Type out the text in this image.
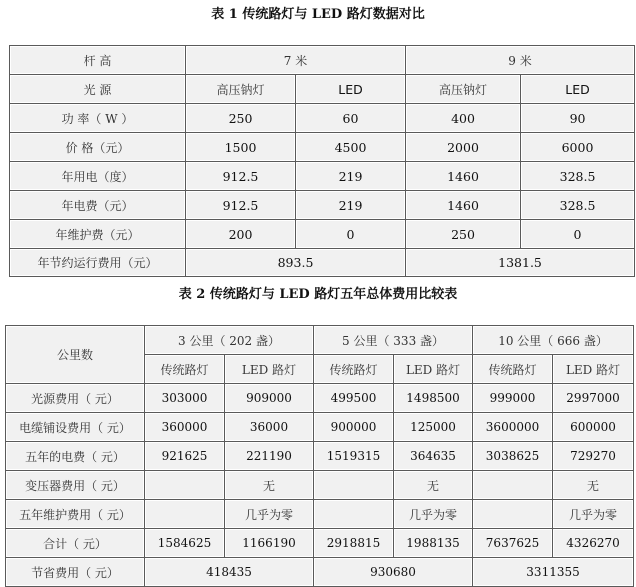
表 1 传统路灯与 LED 路灯数据对比
杆 高	7 米		9 米	
光 源	高压钠灯	LED	高压钠灯	LED
功 率（ W ）	250	60	400	90
价 格（元）	1500	4500	2000	6000
年用电（度）	912.5	219	1460	328.5
年电费（元）	912.5	219	1460	328.5
年维护费（元）	200	0	250	0
年节约运行费用（元）	893.5		1381.5	
表 2 传统路灯与 LED 路灯五年总体费用比较表
公里数	3 公里（ 202 盏）		5 公里（ 333 盏）		10 公里（ 666 盏）	
	传统路灯	LED 路灯	传统路灯	LED 路灯	传统路灯	LED 路灯
光源费用（ 元）	303000	909000	499500	1498500	999000	2997000
电缆铺设费用（ 元）	360000	36000	900000	125000	3600000	600000
五年的电费（ 元）	921625	221190	1519315	364635	3038625	729270
变压器费用（ 元）		无		无		无
五年维护费用（ 元）		几乎为零		几乎为零		几乎为零
合计（ 元）	1584625	1166190	2918815	1988135	7637625	4326270
节省费用（ 元）	418435		930680		3311355	
